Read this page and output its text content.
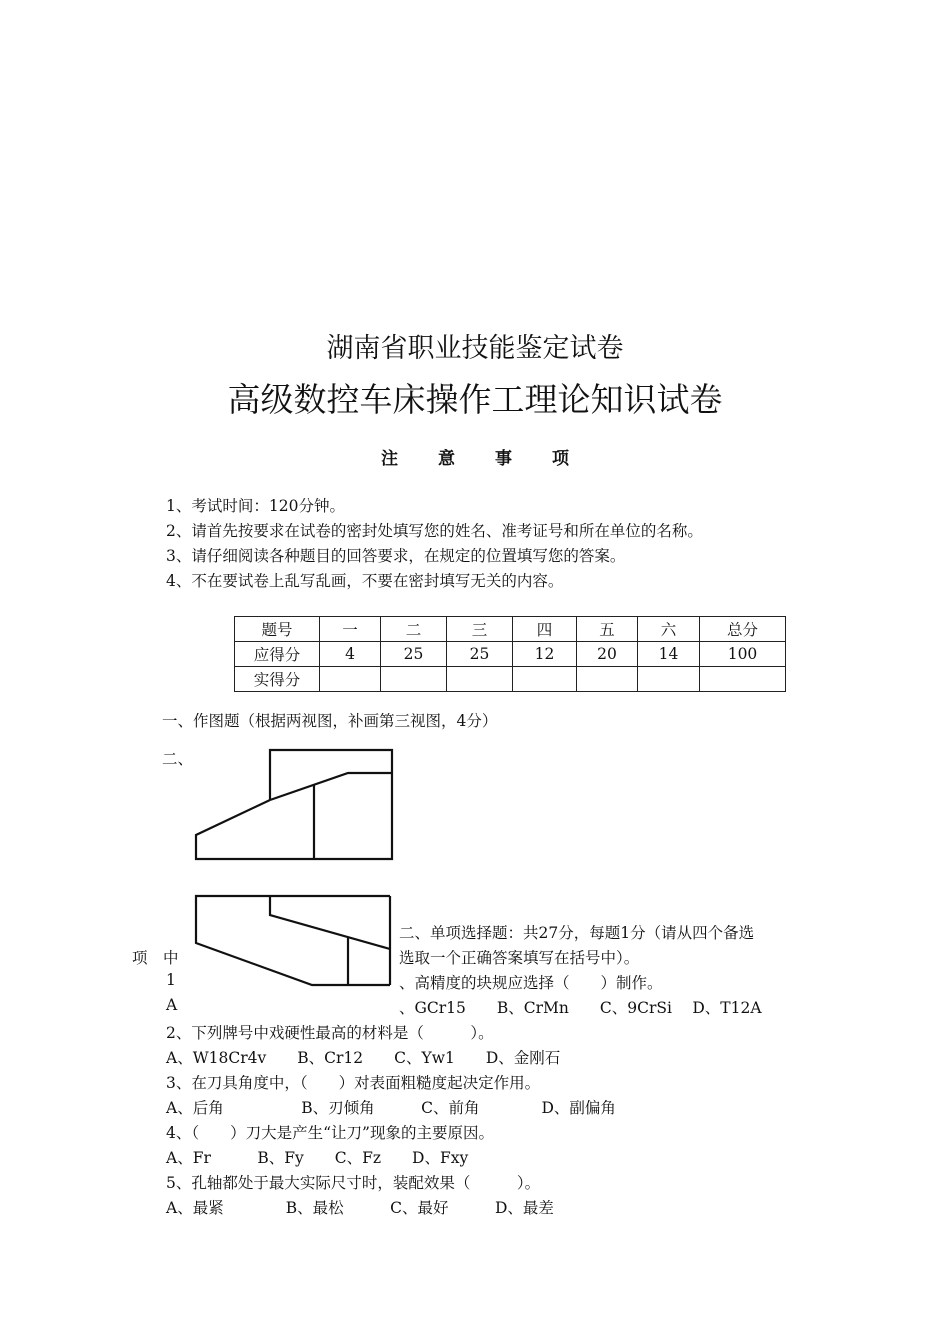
湖南省职业技能鉴定试卷
高级数控车床操作工理论知识试卷
注意事项
1、考试时间：120分钟。
2、请首先按要求在试卷的密封处填写您的姓名、准考证号和所在单位的名称。
3、请仔细阅读各种题目的回答要求，在规定的位置填写您的答案。
4、不在要试卷上乱写乱画，不要在密封填写无关的内容。
题号	一	二	三	四	五	六	总分
应得分	4	25	25	12	20	14	100
实得分							
一、作图题（根据两视图，补画第三视图，4分）
二、
二、单项选择题：共27分，每题1分（请从四个备选
项　中	选取一个正确答案填写在括号中）。
1	、高精度的块规应选择（　　）制作。
A	、GCr15　　B、CrMn　　C、9CrSi　 D、T12A
2、下列牌号中戏硬性最高的材料是（　　　）。
A、W18Cr4v　　B、Cr12　　C、Yw1　　D、金刚石
3、在刀具角度中，（　　）对表面粗糙度起决定作用。
A、后角　　　　　B、刃倾角　　　C、前角　　　　D、副偏角
4、（　　）刀大是产生“让刀”现象的主要原因。
A、Fr　　　B、Fy　　C、Fz　　D、Fxy
5、孔轴都处于最大实际尺寸时，装配效果（　　　）。
A、最紧　　　　B、最松　　　C、最好　　　D、最差
